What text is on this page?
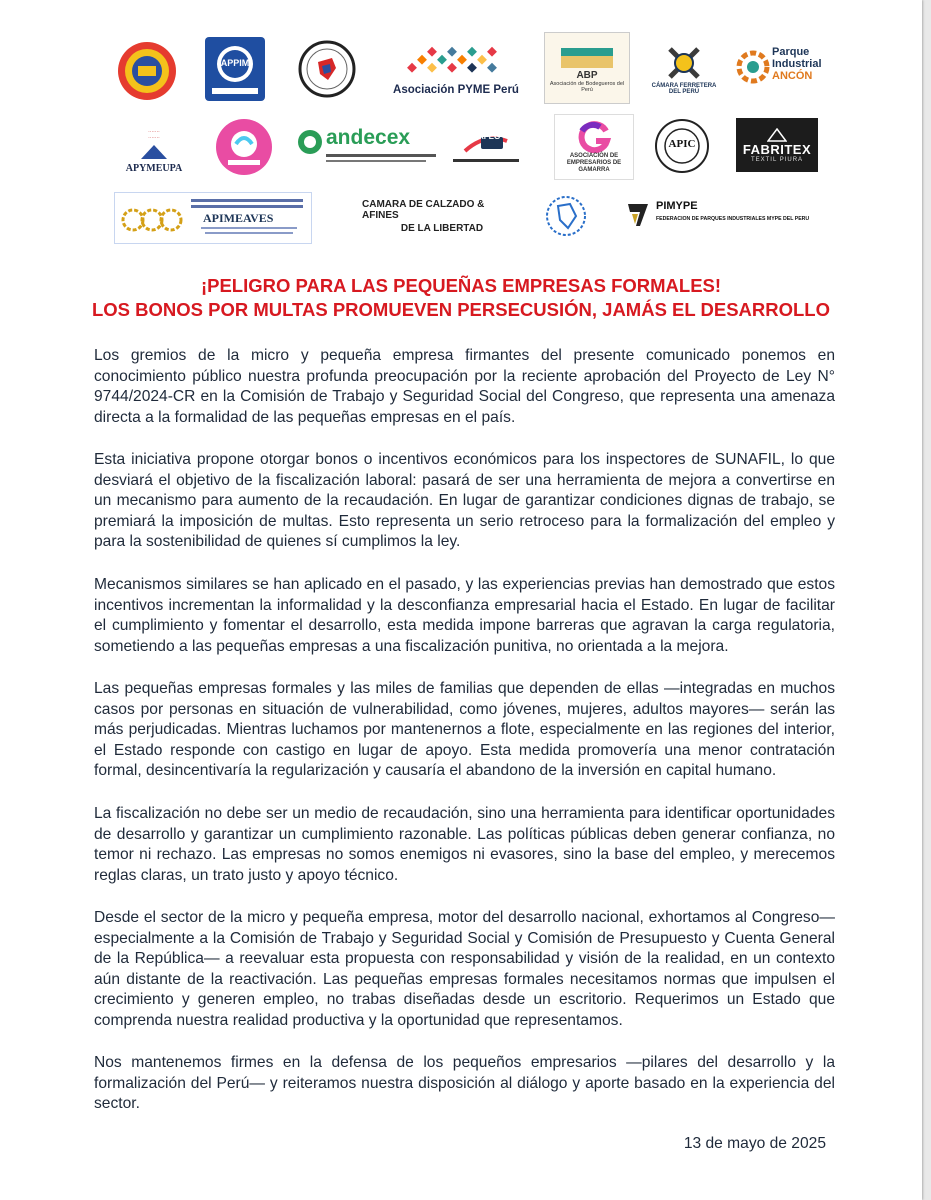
APPIM
Asociación PYME Perú
ABP
Asociación de Bodegueros del Perú
CÁMARA FERRETERA DEL PERÚ
Parque
Industrial
ANCÓN
·······
·······
APYMEUPA
andecex	AFEG
ASOCIACIÓN DE EMPRESARIOS DE GAMARRA
APIC	FABRITEX
TEXTIL PIURA
APIMEAVES
CAMARA DE CALZADO & AFINES
DE LA LIBERTAD
PIMYPE
FEDERACION DE PARQUES INDUSTRIALES MYPE DEL PERU
¡PELIGRO PARA LAS PEQUEÑAS EMPRESAS FORMALES!
LOS BONOS POR MULTAS PROMUEVEN PERSECUSIÓN, JAMÁS EL DESARROLLO

Los gremios de la micro y pequeña empresa firmantes del presente comunicado ponemos en conocimiento público nuestra profunda preocupación por la reciente aprobación del Proyecto de Ley N° 9744/2024-CR en la Comisión de Trabajo y Seguridad Social del Congreso, que representa una amenaza directa a la formalidad de las pequeñas empresas en el país.

Esta iniciativa propone otorgar bonos o incentivos económicos para los inspectores de SUNAFIL, lo que desviará el objetivo de la fiscalización laboral: pasará de ser una herramienta de mejora a convertirse en un mecanismo para aumento de la recaudación. En lugar de garantizar condiciones dignas de trabajo, se premiará la imposición de multas. Esto representa un serio retroceso para la formalización del empleo y para la sostenibilidad de quienes sí cumplimos la ley.

Mecanismos similares se han aplicado en el pasado, y las experiencias previas han demostrado que estos incentivos incrementan la informalidad y la desconfianza empresarial hacia el Estado. En lugar de facilitar el cumplimiento y fomentar el desarrollo, esta medida impone barreras que agravan la carga regulatoria, sometiendo a las pequeñas empresas a una fiscalización punitiva, no orientada a la mejora.

Las pequeñas empresas formales y las miles de familias que dependen de ellas —integradas en muchos casos por personas en situación de vulnerabilidad, como jóvenes, mujeres, adultos mayores— serán las más perjudicadas. Mientras luchamos por mantenernos a flote, especialmente en las regiones del interior, el Estado responde con castigo en lugar de apoyo. Esta medida promovería una menor contratación formal, desincentivaría la regularización y causaría el abandono de la inversión en capital humano.

La fiscalización no debe ser un medio de recaudación, sino una herramienta para identificar oportunidades de desarrollo y garantizar un cumplimiento razonable. Las políticas públicas deben generar confianza, no temor ni rechazo. Las empresas no somos enemigos ni evasores, sino la base del empleo, y merecemos reglas claras, un trato justo y apoyo técnico.

Desde el sector de la micro y pequeña empresa, motor del desarrollo nacional, exhortamos al Congreso— especialmente a la Comisión de Trabajo y Seguridad Social y Comisión de Presupuesto y Cuenta General de la República— a reevaluar esta propuesta con responsabilidad y visión de la realidad, en un contexto aún distante de la reactivación. Las pequeñas empresas formales necesitamos normas que impulsen el crecimiento y generen empleo, no trabas diseñadas desde un escritorio. Requerimos un Estado que comprenda nuestra realidad productiva y la oportunidad que representamos.

Nos mantenemos firmes en la defensa de los pequeños empresarios —pilares del desarrollo y la formalización del Perú— y reiteramos nuestra disposición al diálogo y aporte basado en la experiencia del sector.

13 de mayo de 2025
